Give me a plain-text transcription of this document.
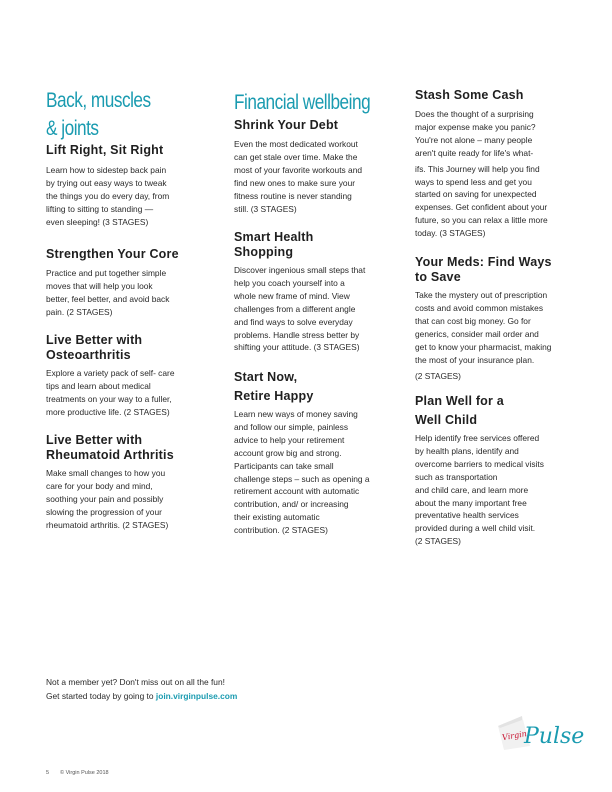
Back, muscles
& joints
Lift Right, Sit Right

Learn how to sidestep back pain

by trying out easy ways to tweak

the things you do every day, from

lifting to sitting to standing —

even sleeping! (3 STAGES)

Strengthen Your Core

Practice and put together simple

moves that will help you look

better, feel better, and avoid back

pain. (2 STAGES)

Live Better with
Osteoarthritis

Explore a variety pack of self- care

tips and learn about medical

treatments on your way to a fuller,

more productive life. (2 STAGES)

Live Better with
Rheumatoid Arthritis

Make small changes to how you

care for your body and mind,

soothing your pain and possibly

slowing the progression of your

rheumatoid arthritis. (2 STAGES)

Financial wellbeing
Shrink Your Debt

Even the most dedicated workout

can get stale over time. Make the

most of your favorite workouts and

find new ones to make sure your

fitness routine is never standing

still. (3 STAGES)

Smart Health
Shopping

Discover ingenious small steps that

help you coach yourself into a

whole new frame of mind. View

challenges from a different angle

and find ways to solve everyday

problems. Handle stress better by

shifting your attitude. (3 STAGES)

Start Now,
Retire Happy

Learn new ways of money saving

and follow our simple, painless

advice to help your retirement

account grow big and strong.

Participants can take small

challenge steps – such as opening a

retirement account with automatic

contribution, and/ or increasing

their existing automatic

contribution. (2 STAGES)

Stash Some Cash

Does the thought of a surprising

major expense make you panic?

You're not alone – many people

aren't quite ready for life's what-

ifs. This Journey will help you find

ways to spend less and get you

started on saving for unexpected

expenses. Get confident about your

future, so you can relax a little more

today. (3 STAGES)

Your Meds: Find Ways
to Save

Take the mystery out of prescription

costs and avoid common mistakes

that can cost big money. Go for

generics, consider mail order and

get to know your pharmacist, making

the most of your insurance plan.

(2 STAGES)

Plan Well for a
Well Child

Help identify free services offered

by health plans, identify and

overcome barriers to medical visits

such as transportation

and child care, and learn more

about the many important free

preventative health services

provided during a well child visit.

(2 STAGES)

Not a member yet? Don't miss out on all the fun!
Get started today by going to join.virginpulse.com
5 © Virgin Pulse 2018
Virgin
Pulse
